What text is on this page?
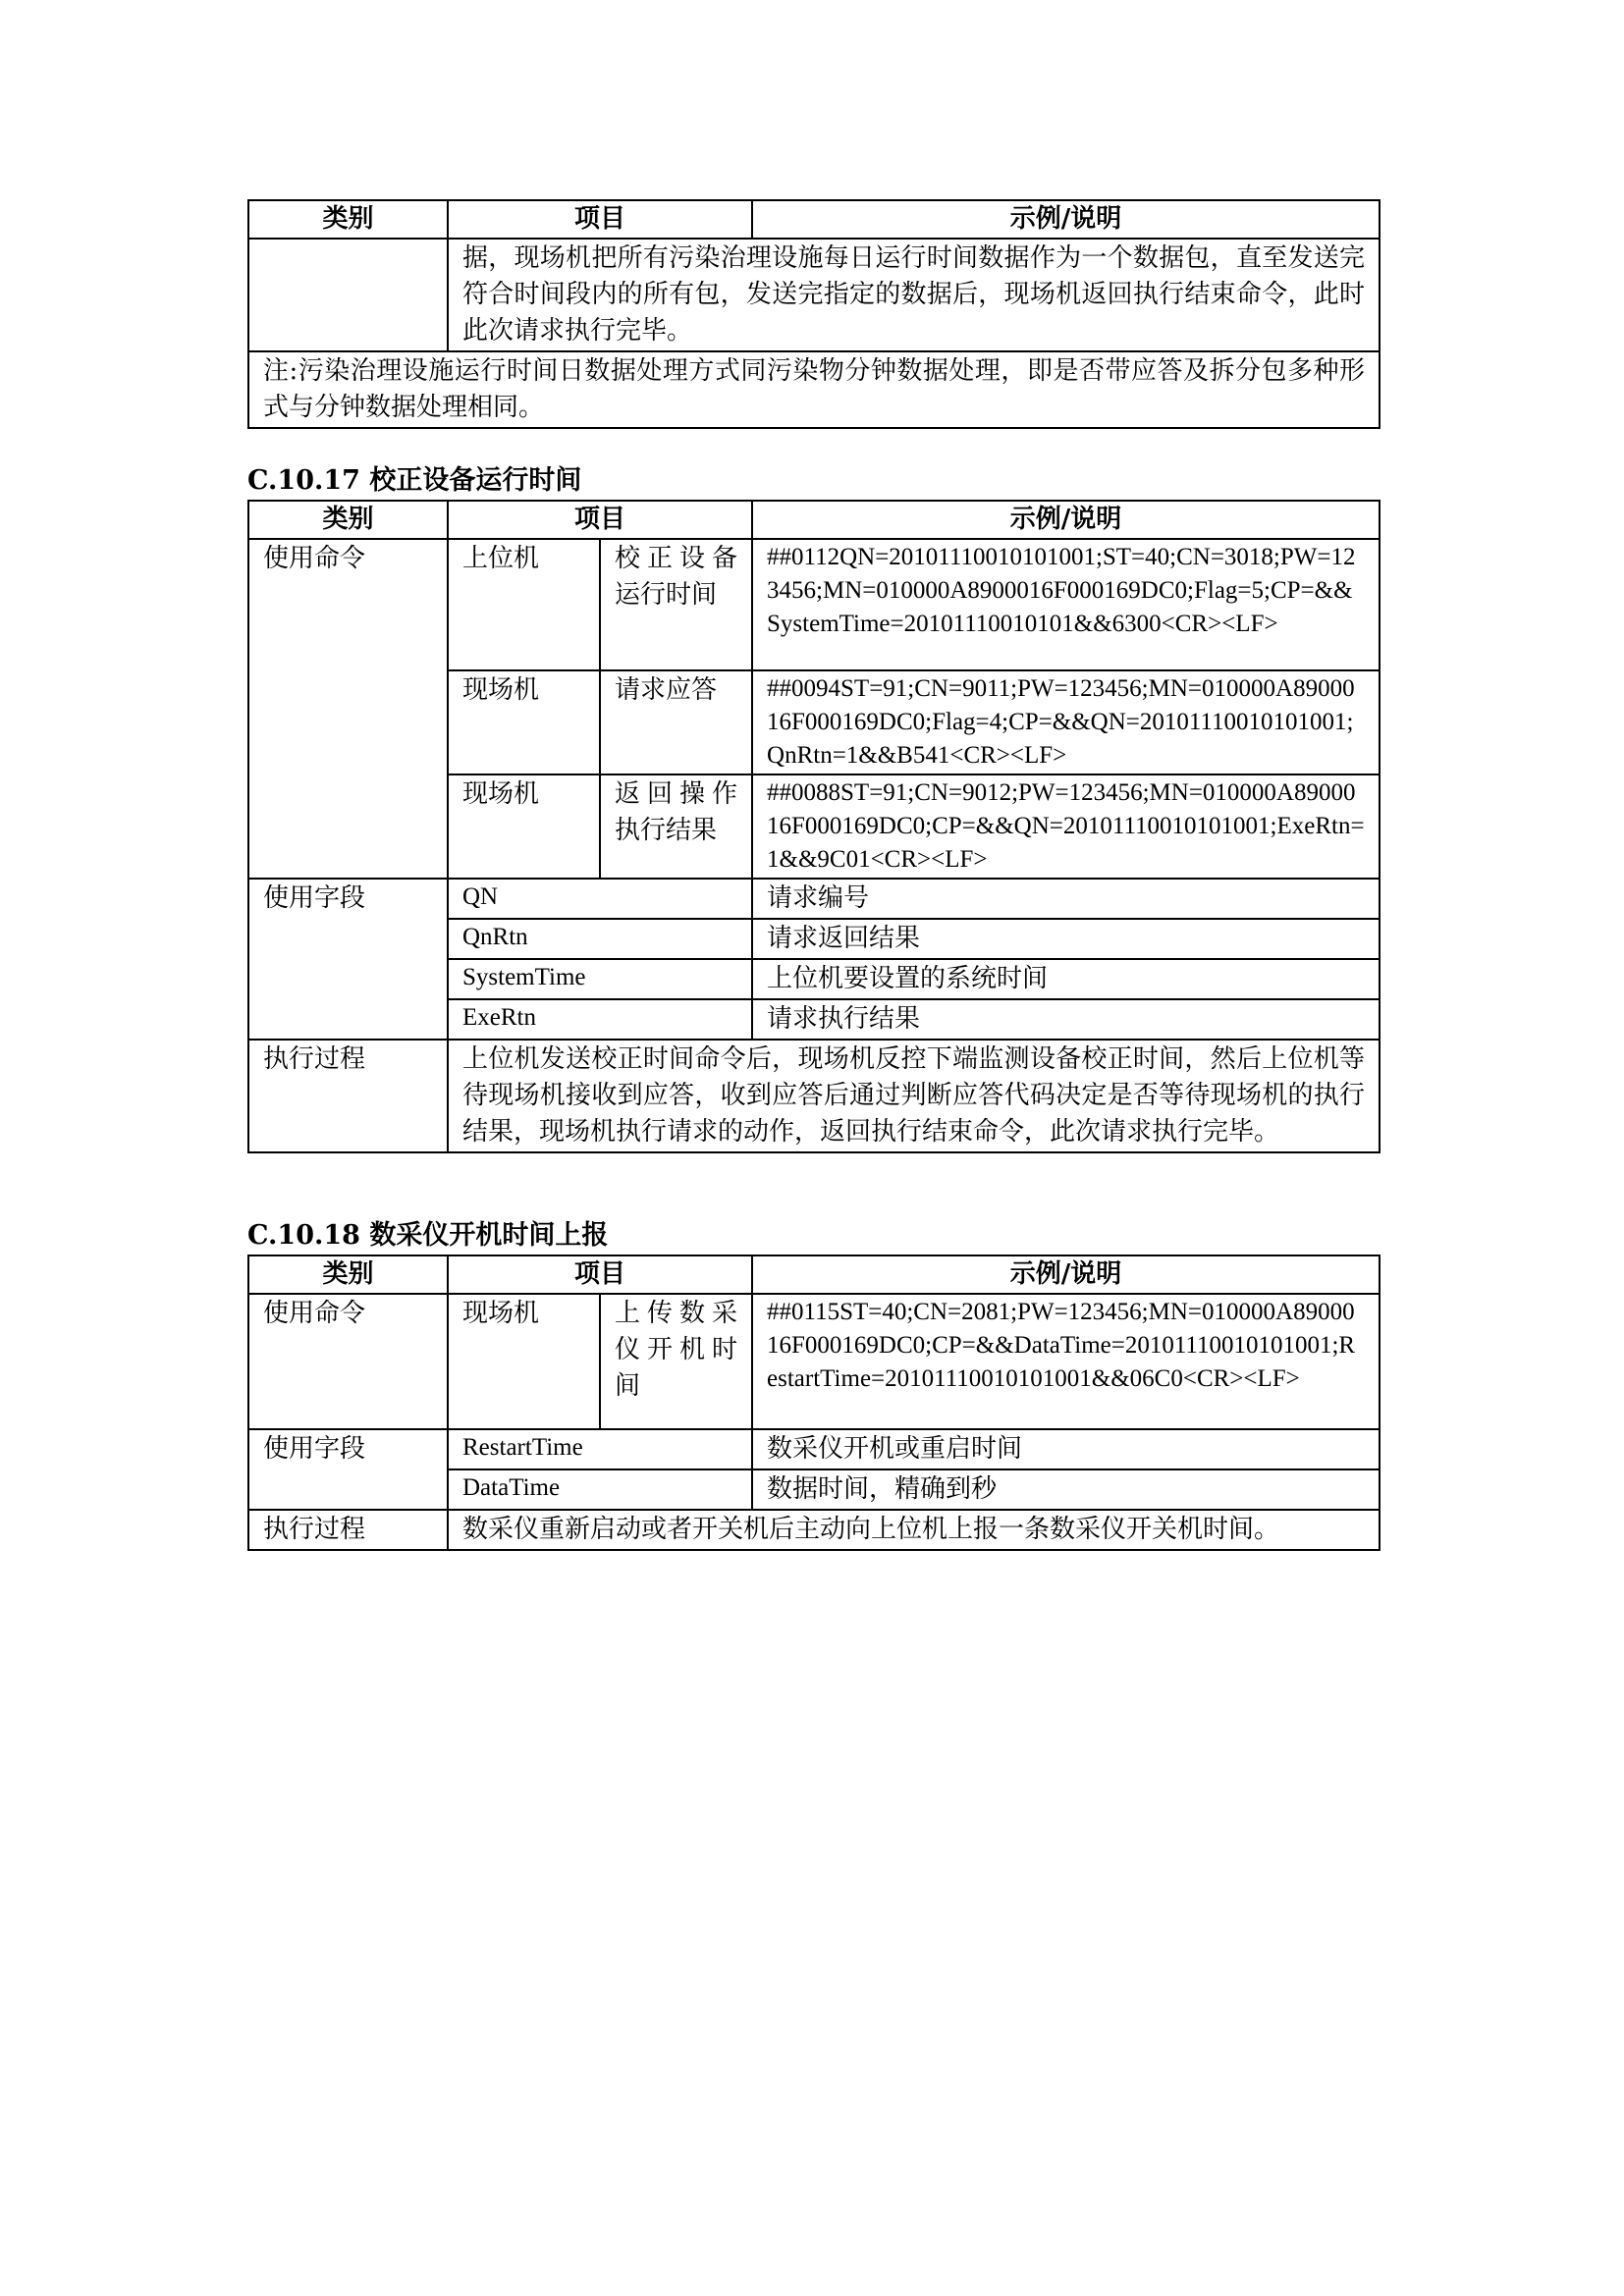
类别	项目	示例/说明
	据，现场机把所有污染治理设施每日运行时间数据作为一个数据包，直至发送完符合时间段内的所有包，发送完指定的数据后，现场机返回执行结束命令，此时此次请求执行完毕。	
注:污染治理设施运行时间日数据处理方式同污染物分钟数据处理，即是否带应答及拆分包多种形式与分钟数据处理相同。		

C.10.17 校正设备运行时间

类别	项目		示例/说明
使用命令	上位机	校正设备运行时间	##0112QN=20101110010101001;ST=40;CN=3018;PW=123456;MN=010000A8900016F000169DC0;Flag=5;CP=&&SystemTime=20101110010101&&6300<CR><LF>
	现场机	请求应答	##0094ST=91;CN=9011;PW=123456;MN=010000A8900016F000169DC0;Flag=4;CP=&&QN=20101110010101001;QnRtn=1&&B541<CR><LF>
	现场机	返回操作执行结果	##0088ST=91;CN=9012;PW=123456;MN=010000A8900016F000169DC0;CP=&&QN=20101110010101001;ExeRtn=1&&9C01<CR><LF>
使用字段	QN		请求编号
	QnRtn		请求返回结果
	SystemTime		上位机要设置的系统时间
	ExeRtn		请求执行结果
执行过程	上位机发送校正时间命令后，现场机反控下端监测设备校正时间，然后上位机等待现场机接收到应答，收到应答后通过判断应答代码决定是否等待现场机的执行结果，现场机执行请求的动作，返回执行结束命令，此次请求执行完毕。		

C.10.18 数采仪开机时间上报

类别	项目		示例/说明
使用命令	现场机	上传数采仪开机时间	##0115ST=40;CN=2081;PW=123456;MN=010000A8900016F000169DC0;CP=&&DataTime=20101110010101001;RestartTime=20101110010101001&&06C0<CR><LF>
使用字段	RestartTime		数采仪开机或重启时间
	DataTime		数据时间，精确到秒
执行过程	数采仪重新启动或者开关机后主动向上位机上报一条数采仪开关机时间。		
